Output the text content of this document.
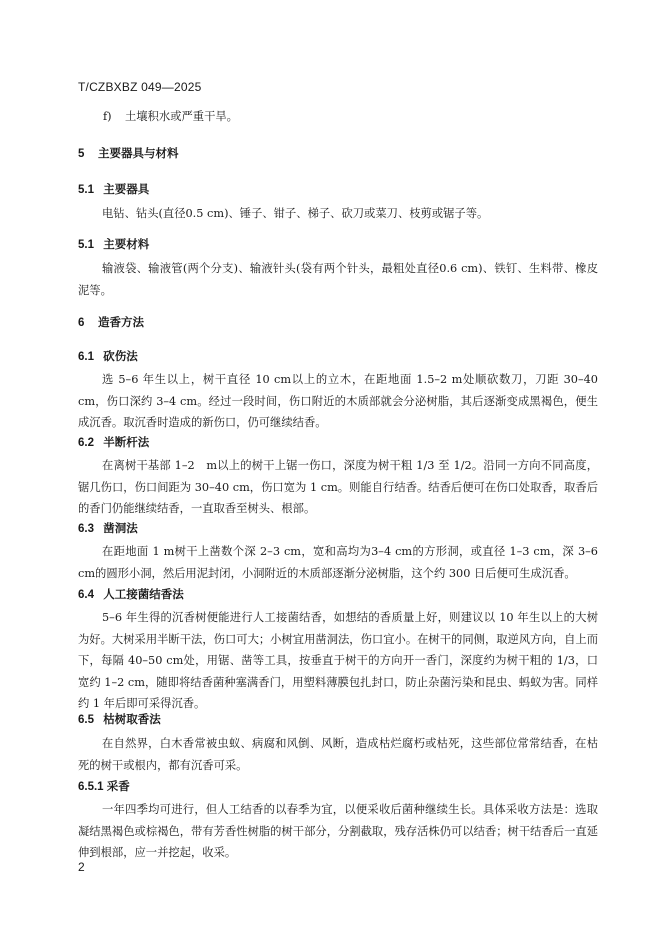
T/CZBXBZ 049—2025
f) 土壤积水或严重干旱。
5 主要器具与材料
5.1 主要器具
电钻、钻头(直径0.5 cm)、锤子、钳子、梯子、砍刀或菜刀、枝剪或锯子等。
5.1 主要材料
输液袋、输液管(两个分支)、输液针头(袋有两个针头，最粗处直径0.6 cm)、铁钉、生料带、橡皮泥等。
6 造香方法
6.1 砍伤法
选 5–6 年生以上，树干直径 10 cm以上的立木，在距地面 1.5–2 m处顺砍数刀，刀距 30–40 cm，伤口深约 3–4 cm。经过一段时间，伤口附近的木质部就会分泌树脂，其后逐渐变成黑褐色，便生成沉香。取沉香时造成的新伤口，仍可继续结香。
6.2 半断杆法
在离树干基部 1–2　m以上的树干上锯一伤口，深度为树干粗 1/3 至 1/2。沿同一方向不同高度，锯几伤口，伤口间距为 30–40 cm，伤口宽为 1 cm。则能自行结香。结香后便可在伤口处取香，取香后的香门仍能继续结香，一直取香至树头、根部。
6.3 凿洞法
在距地面 1 m树干上凿数个深 2–3 cm，宽和高均为3–4 cm的方形洞，或直径 1–3 cm，深 3–6 cm的圆形小洞，然后用泥封闭，小洞附近的木质部逐渐分泌树脂，这个约 300 日后便可生成沉香。
6.4 人工接菌结香法
5–6 年生得的沉香树便能进行人工接菌结香，如想结的香质量上好，则建议以 10 年生以上的大树为好。大树采用半断干法，伤口可大；小树宜用凿洞法，伤口宜小。在树干的同侧，取逆风方向，自上而下，每隔 40–50 cm处，用锯、凿等工具，按垂直于树干的方向开一香门，深度约为树干粗的 1/3，口宽约 1–2 cm，随即将结香菌种塞满香门，用塑料薄膜包扎封口，防止杂菌污染和昆虫、蚂蚁为害。同样约 1 年后即可采得沉香。
6.5 枯树取香法
在自然界，白木香常被虫蚁、病腐和风倒、风断，造成枯烂腐朽或枯死，这些部位常常结香，在枯死的树干或根内，都有沉香可采。
6.5.1 采香
一年四季均可进行，但人工结香的以春季为宜，以便采收后菌种继续生长。具体采收方法是：选取凝结黑褐色或棕褐色，带有芳香性树脂的树干部分，分割截取，残存活株仍可以结香；树干结香后一直延伸到根部，应一并挖起，收采。
2
